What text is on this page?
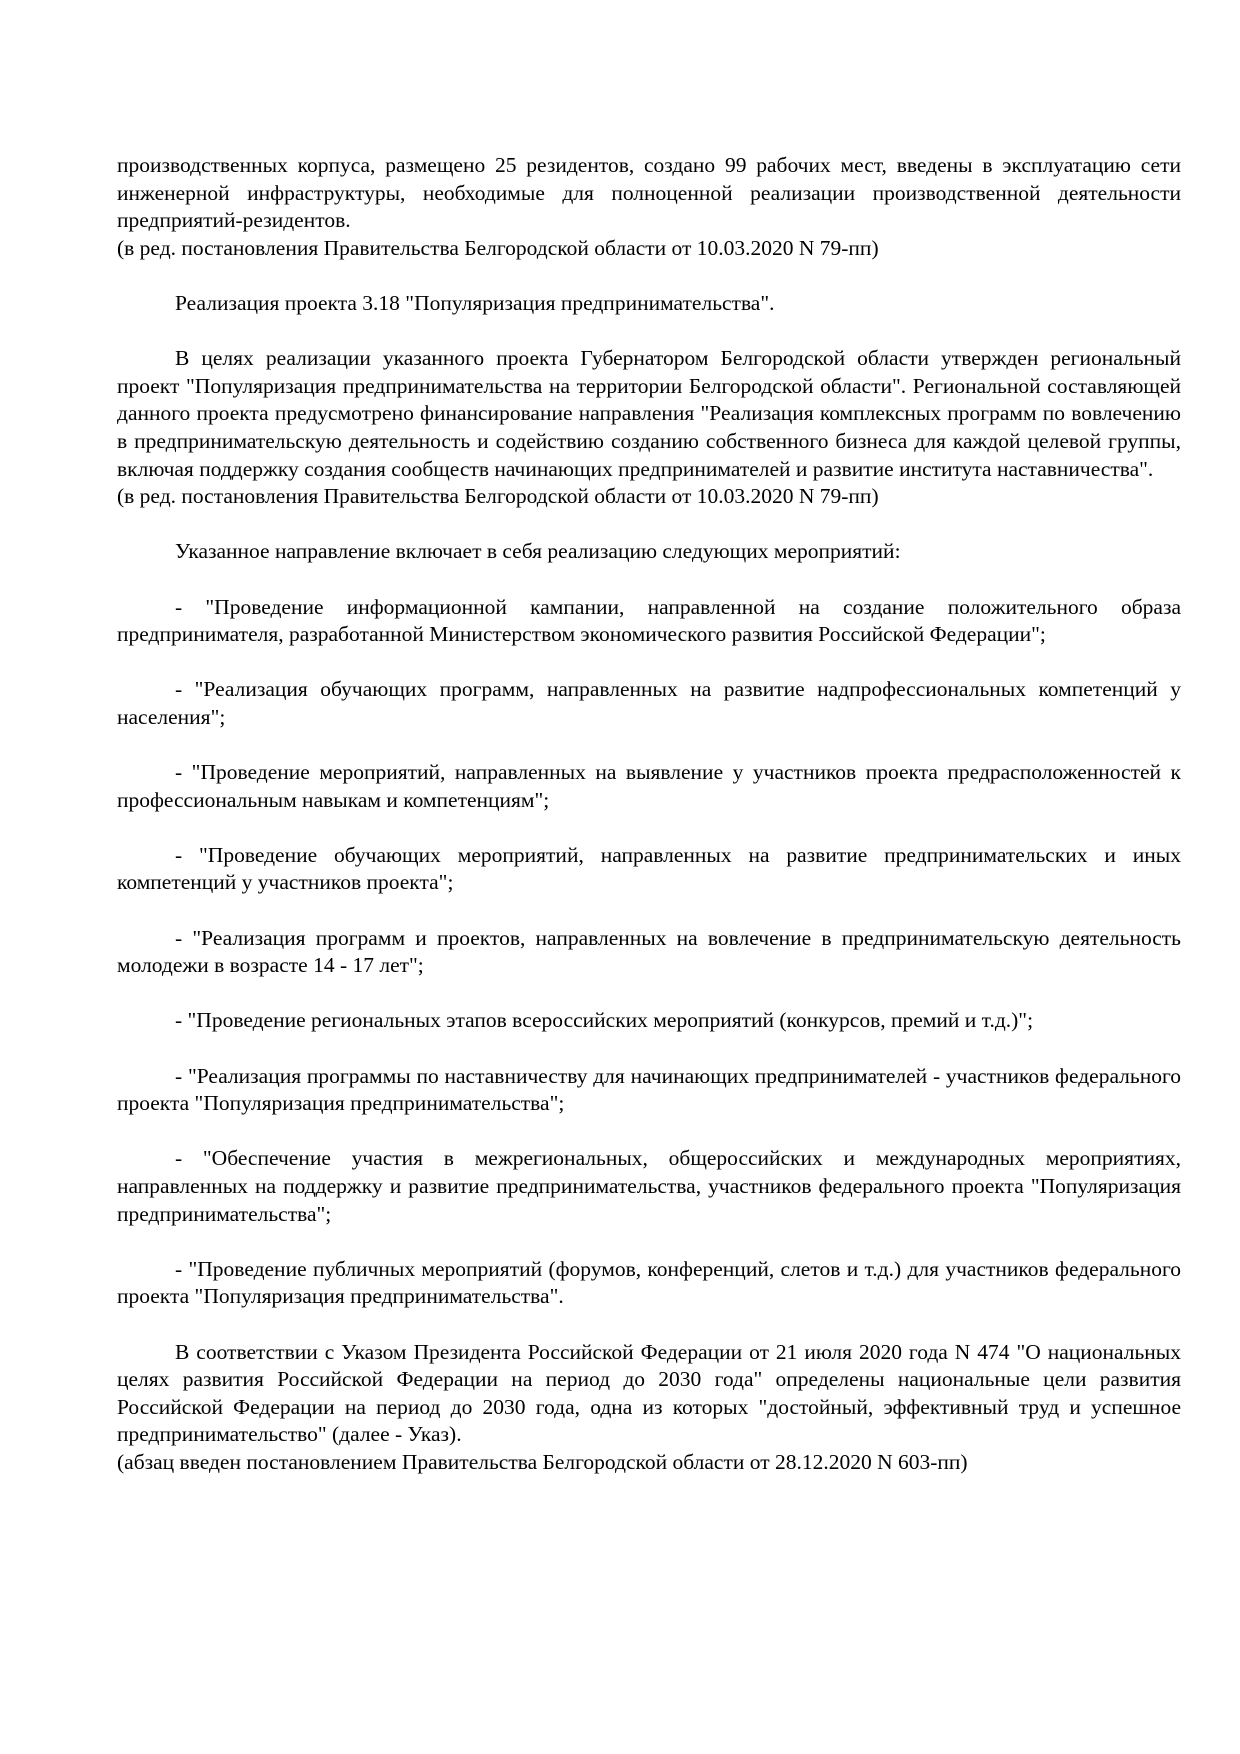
производственных корпуса, размещено 25 резидентов, создано 99 рабочих мест, введены в эксплуатацию сети инженерной инфраструктуры, необходимые для полноценной реализации производственной деятельности предприятий-резидентов.

(в ред. постановления Правительства Белгородской области от 10.03.2020 N 79-пп)

Реализация проекта 3.18 "Популяризация предпринимательства".

В целях реализации указанного проекта Губернатором Белгородской области утвержден региональный проект "Популяризация предпринимательства на территории Белгородской области". Региональной составляющей данного проекта предусмотрено финансирование направления "Реализация комплексных программ по вовлечению в предпринимательскую деятельность и содействию созданию собственного бизнеса для каждой целевой группы, включая поддержку создания сообществ начинающих предпринимателей и развитие института наставничества".

(в ред. постановления Правительства Белгородской области от 10.03.2020 N 79-пп)

Указанное направление включает в себя реализацию следующих мероприятий:

- "Проведение информационной кампании, направленной на создание положительного образа предпринимателя, разработанной Министерством экономического развития Российской Федерации";

- "Реализация обучающих программ, направленных на развитие надпрофессиональных компетенций у населения";

- "Проведение мероприятий, направленных на выявление у участников проекта предрасположенностей к профессиональным навыкам и компетенциям";

- "Проведение обучающих мероприятий, направленных на развитие предпринимательских и иных компетенций у участников проекта";

- "Реализация программ и проектов, направленных на вовлечение в предпринимательскую деятельность молодежи в возрасте 14 - 17 лет";

- "Проведение региональных этапов всероссийских мероприятий (конкурсов, премий и т.д.)";

- "Реализация программы по наставничеству для начинающих предпринимателей - участников федерального проекта "Популяризация предпринимательства";

- "Обеспечение участия в межрегиональных, общероссийских и международных мероприятиях, направленных на поддержку и развитие предпринимательства, участников федерального проекта "Популяризация предпринимательства";

- "Проведение публичных мероприятий (форумов, конференций, слетов и т.д.) для участников федерального проекта "Популяризация предпринимательства".

В соответствии с Указом Президента Российской Федерации от 21 июля 2020 года N 474 "О национальных целях развития Российской Федерации на период до 2030 года" определены национальные цели развития Российской Федерации на период до 2030 года, одна из которых "достойный, эффективный труд и успешное предпринимательство" (далее - Указ).

(абзац введен постановлением Правительства Белгородской области от 28.12.2020 N 603-пп)
